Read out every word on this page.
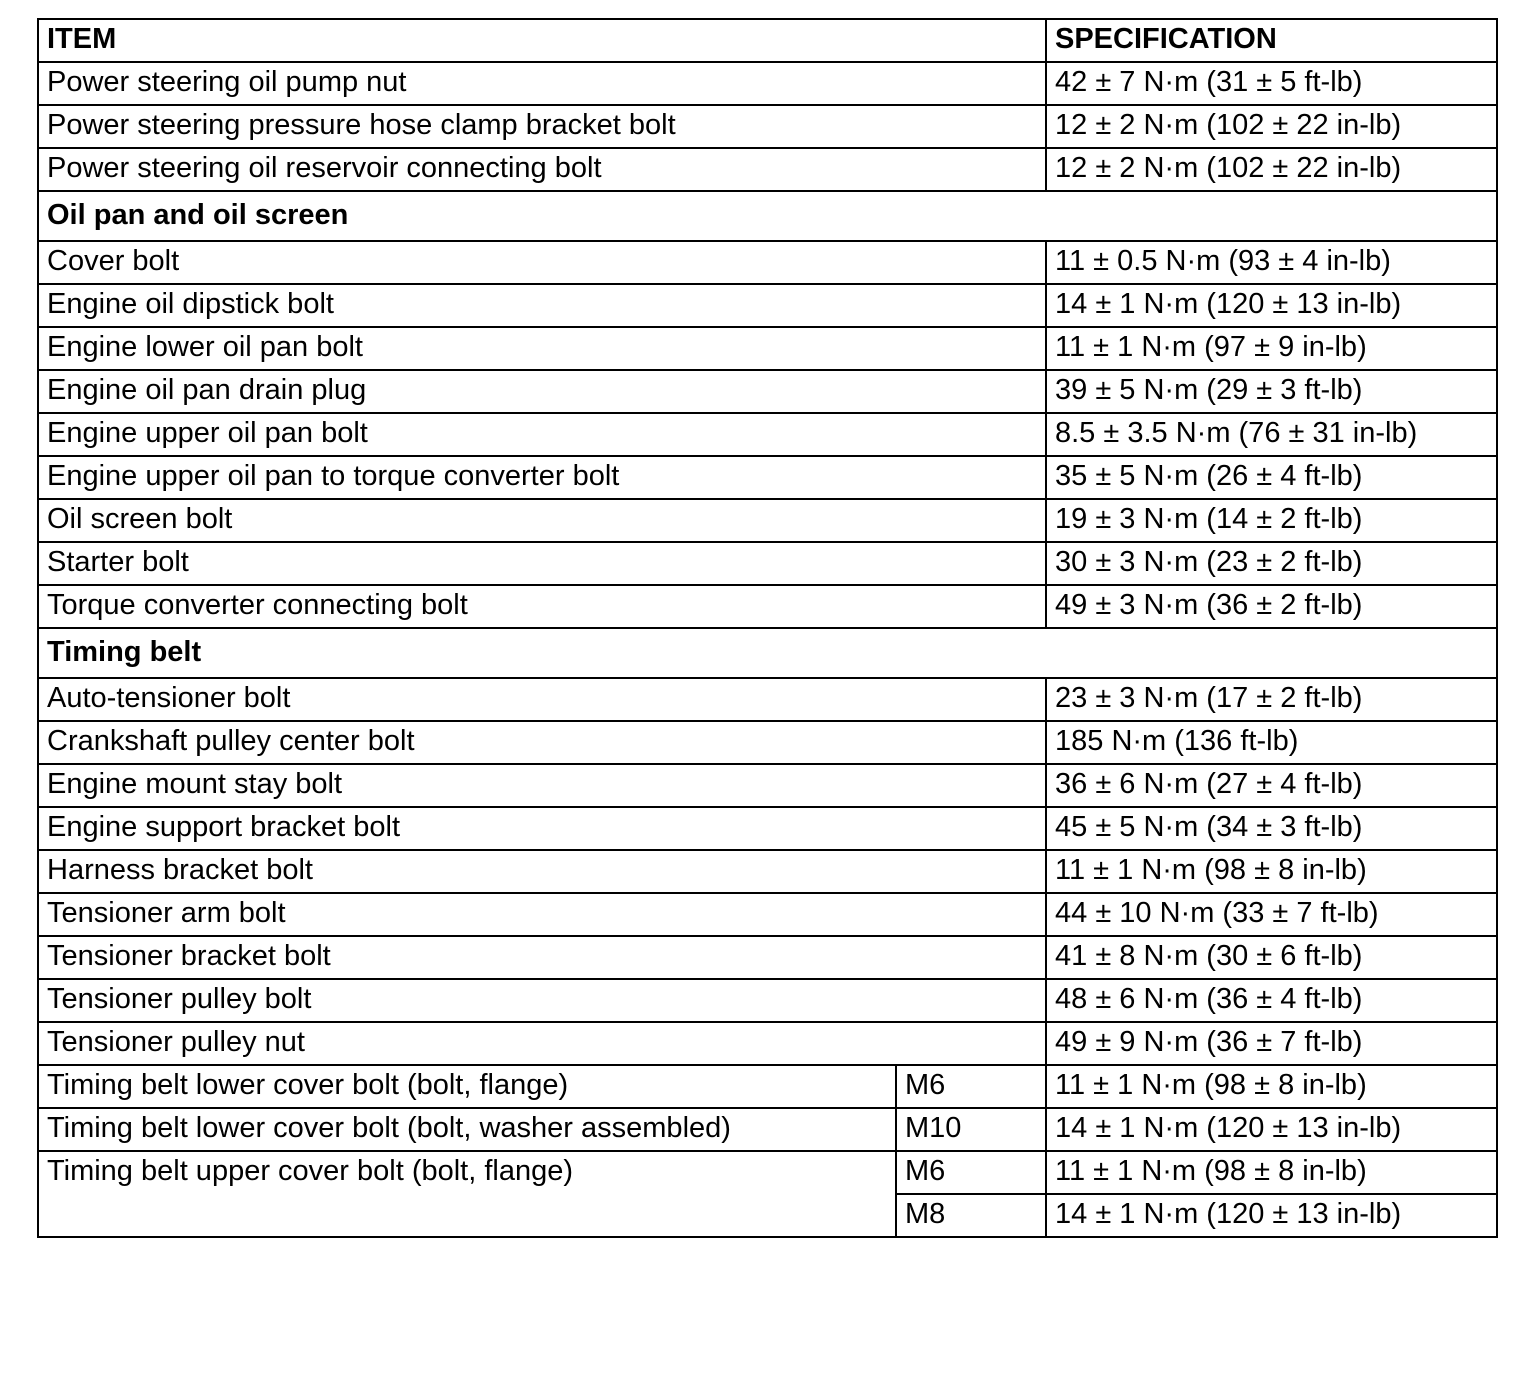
ITEM		SPECIFICATION
Power steering oil pump nut		42 ± 7 N·m (31 ± 5 ft-lb)
Power steering pressure hose clamp bracket bolt		12 ± 2 N·m (102 ± 22 in-lb)
Power steering oil reservoir connecting bolt		12 ± 2 N·m (102 ± 22 in-lb)
Oil pan and oil screen		
Cover bolt		11 ± 0.5 N·m (93 ± 4 in-lb)
Engine oil dipstick bolt		14 ± 1 N·m (120 ± 13 in-lb)
Engine lower oil pan bolt		11 ± 1 N·m (97 ± 9 in-lb)
Engine oil pan drain plug		39 ± 5 N·m (29 ± 3 ft-lb)
Engine upper oil pan bolt		8.5 ± 3.5 N·m (76 ± 31 in-lb)
Engine upper oil pan to torque converter bolt		35 ± 5 N·m (26 ± 4 ft-lb)
Oil screen bolt		19 ± 3 N·m (14 ± 2 ft-lb)
Starter bolt		30 ± 3 N·m (23 ± 2 ft-lb)
Torque converter connecting bolt		49 ± 3 N·m (36 ± 2 ft-lb)
Timing belt		
Auto-tensioner bolt		23 ± 3 N·m (17 ± 2 ft-lb)
Crankshaft pulley center bolt		185 N·m (136 ft-lb)
Engine mount stay bolt		36 ± 6 N·m (27 ± 4 ft-lb)
Engine support bracket bolt		45 ± 5 N·m (34 ± 3 ft-lb)
Harness bracket bolt		11 ± 1 N·m (98 ± 8 in-lb)
Tensioner arm bolt		44 ± 10 N·m (33 ± 7 ft-lb)
Tensioner bracket bolt		41 ± 8 N·m (30 ± 6 ft-lb)
Tensioner pulley bolt		48 ± 6 N·m (36 ± 4 ft-lb)
Tensioner pulley nut		49 ± 9 N·m (36 ± 7 ft-lb)
Timing belt lower cover bolt (bolt, flange)	M6	11 ± 1 N·m (98 ± 8 in-lb)
Timing belt lower cover bolt (bolt, washer assembled)	M10	14 ± 1 N·m (120 ± 13 in-lb)
Timing belt upper cover bolt (bolt, flange)	M6	11 ± 1 N·m (98 ± 8 in-lb)
	M8	14 ± 1 N·m (120 ± 13 in-lb)
